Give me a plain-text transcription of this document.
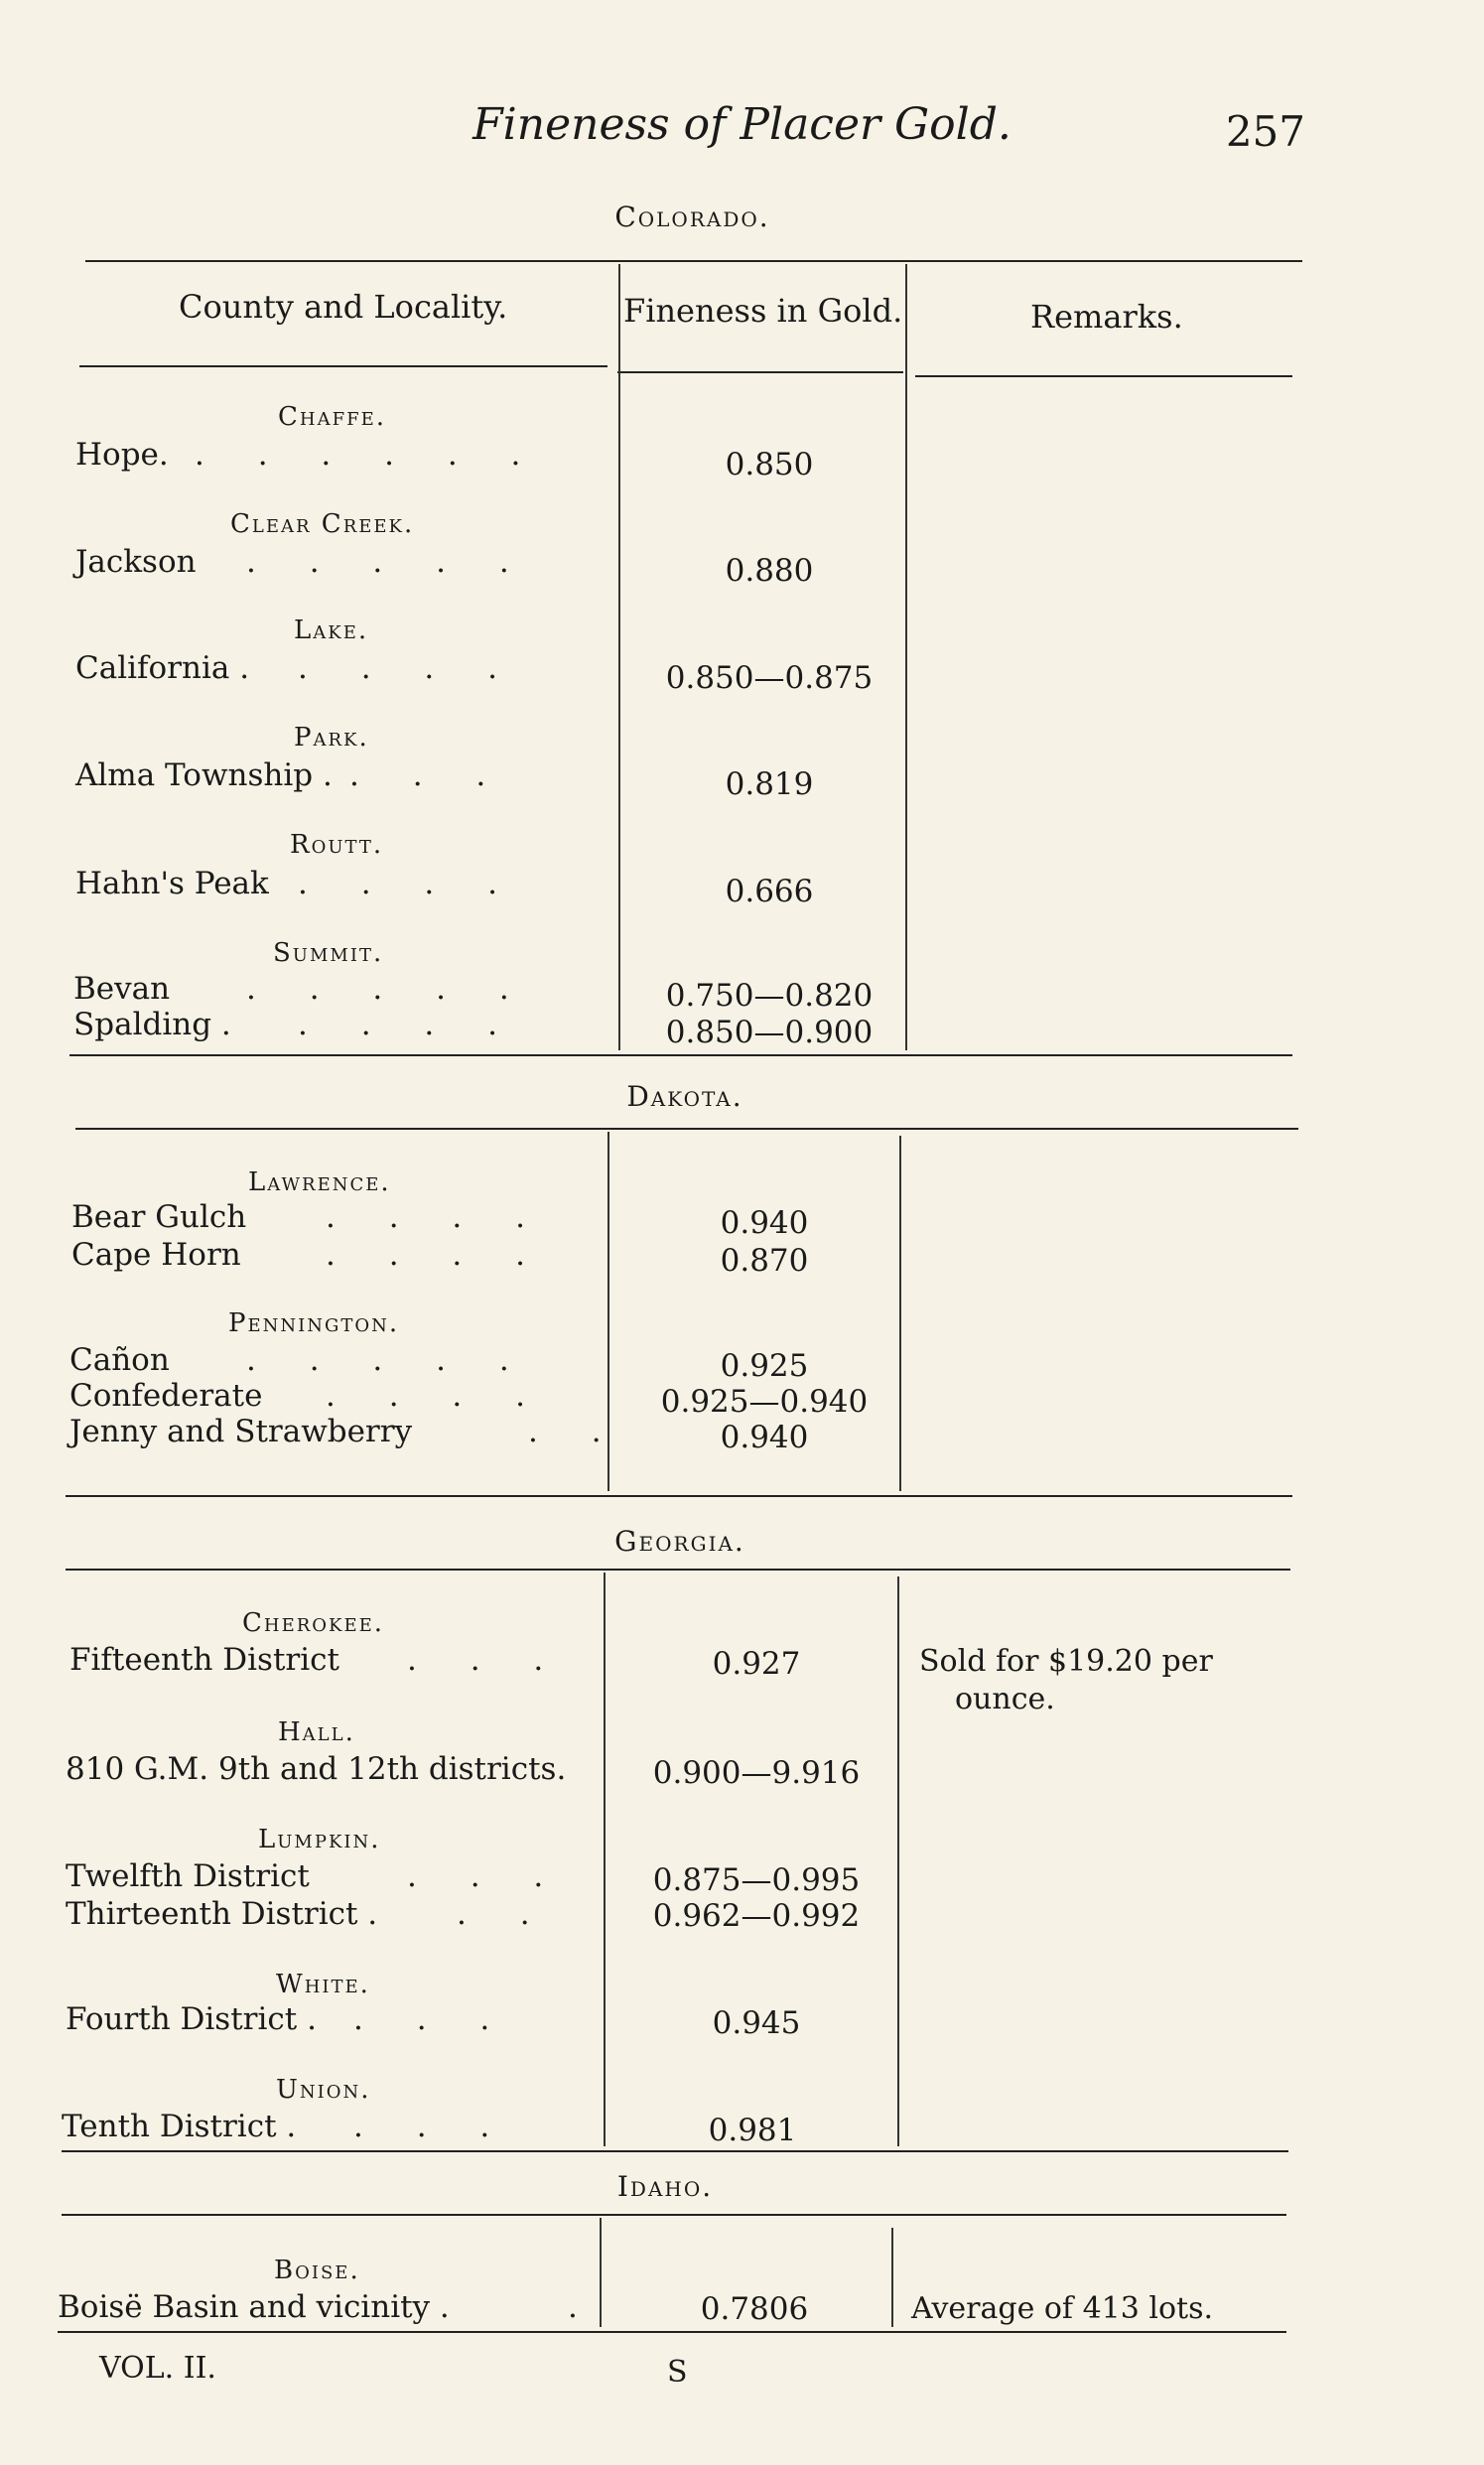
Fineness of Placer Gold.	257
Colorado.
County and Locality.	Fineness in Gold.	Remarks.
Chaffe.
Hope. . . . . . .	0.850
Clear Creek.
Jackson . . . . .	0.880
Lake.
California . . . . .	0.850—0.875
Park.
Alma Township . . . .	0.819
Routt.
Hahn's Peak . . . .	0.666
Summit.
Bevan . . . . .	0.750—0.820
Spalding . . . . .	0.850—0.900
Dakota.
Lawrence.
Bear Gulch	. . . .	0.940
Cape Horn	. . . .	0.870
Pennington.
Cañon . . . . .	0.925
Confederate . . . .	0.925—0.940
Jenny and Strawberry	. .	0.940
Georgia.
Cherokee.
Fifteenth District . . .	0.927	Sold for $19.20 per
ounce.
Hall.
810 G.M. 9th and 12th districts.	0.900—9.916
Lumpkin.
Twelfth District	. . .	0.875—0.995
Thirteenth District .	. .	0.962—0.992
White.
Fourth District . . . .	0.945
Union.
Tenth District . . . .	0.981
Idaho.
Boise.
Boisë Basin and vicinity .	.	0.7806	Average of 413 lots.
VOL. II.	S
